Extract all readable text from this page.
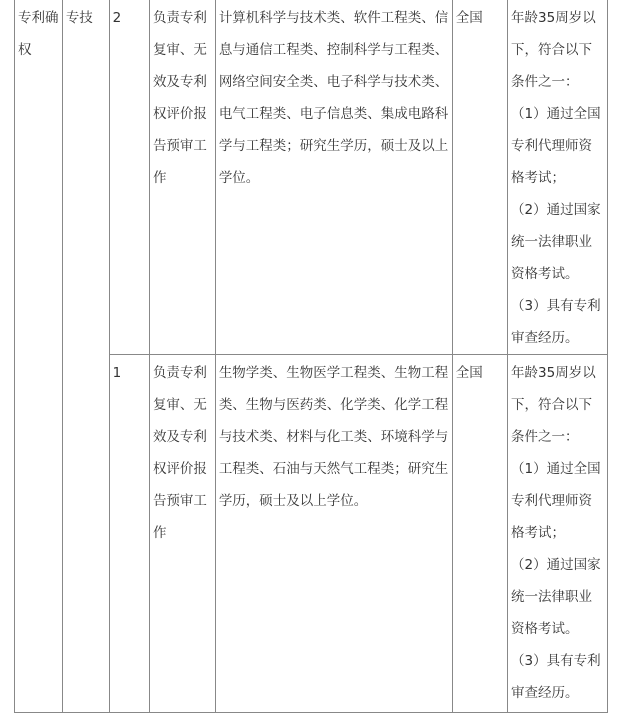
专利确权	专技	2	负责专利复审、无效及专利权评价报告预审工作	计算机科学与技术类、软件工程类、信息与通信工程类、控制科学与工程类、网络空间安全类、电子科学与技术类、电气工程类、电子信息类、集成电路科学与工程类；研究生学历，硕士及以上学位。	全国	年龄35周岁以下，符合以下条件之一：
（1）通过全国专利代理师资格考试；
（2）通过国家统一法律职业资格考试。
（3）具有专利审查经历。

		1	负责专利复审、无效及专利权评价报告预审工作	生物学类、生物医学工程类、生物工程类、生物与医药类、化学类、化学工程与技术类、材料与化工类、环境科学与工程类、石油与天然气工程类；研究生学历，硕士及以上学位。	全国	年龄35周岁以下，符合以下条件之一：
（1）通过全国专利代理师资格考试；
（2）通过国家统一法律职业资格考试。
（3）具有专利审查经历。
